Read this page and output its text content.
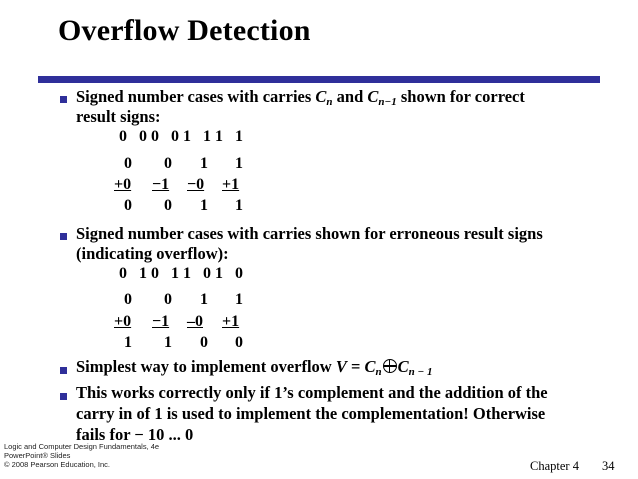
Overflow Detection
Signed number cases with carries $C_n$ and $C_{n-1}$ shown for correct
result signs:
0   0 0   0 1   1 1   1
0 0 1 1
+0 −1 −0 +1
0 0 1 1
Signed number cases with carries shown for erroneous result signs
(indicating overflow):
0   1 0   1 1   0 1   0
0 0 1 1
+0 −1 –0 +1
1 1 0 0
Simplest way to implement overflow $V = C_n$ $C_{n - 1}$
This works correctly only if 1’s complement and the addition of the
carry in of 1 is used to implement the complementation! Otherwise
fails for − 10 ... 0
Logic and Computer Design Fundamentals, 4e
PowerPoint® Slides
© 2008 Pearson Education, Inc.	Chapter 4 34
